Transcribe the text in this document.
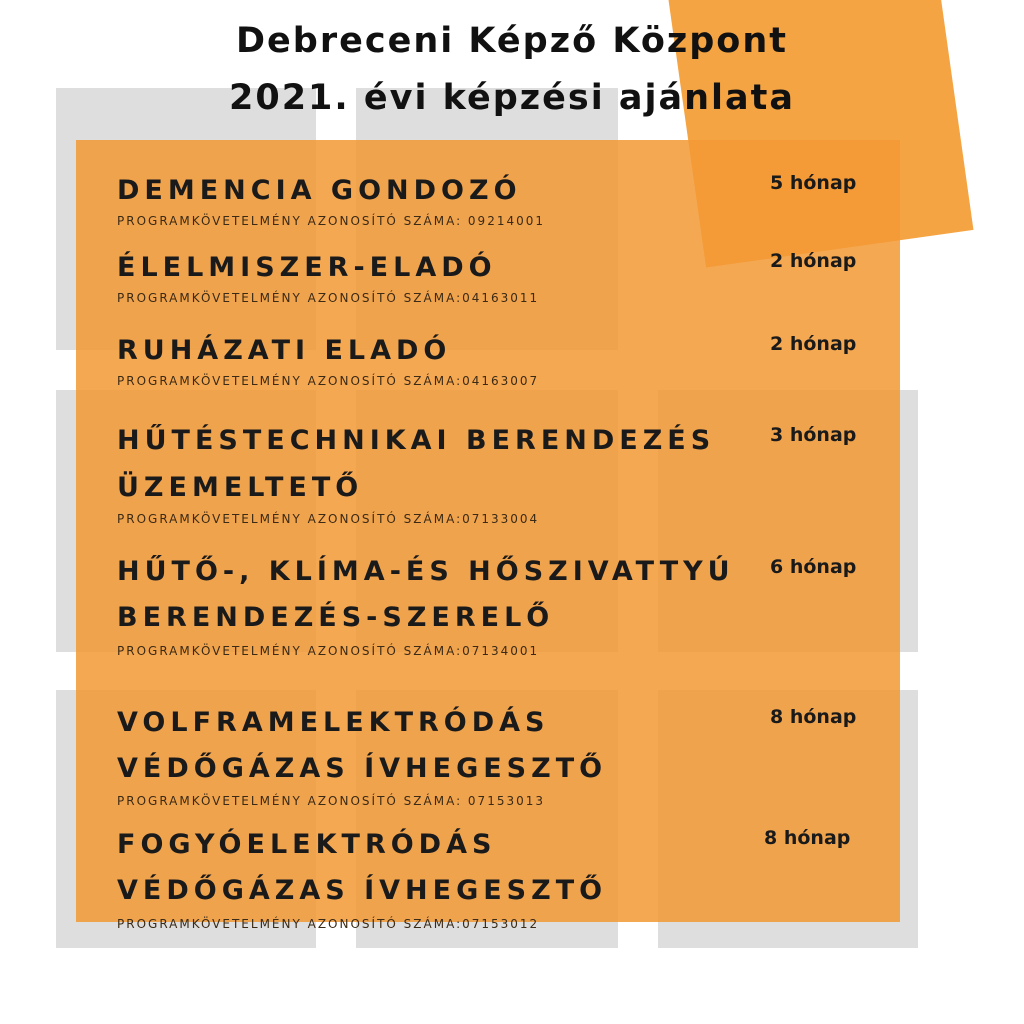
Debreceni Képző Központ
2021. évi képzési ajánlata
DEMENCIA GONDOZÓ
PROGRAMKÖVETELMÉNY AZONOSÍTÓ SZÁMA: 09214001
5 hónap
ÉLELMISZER-ELADÓ
PROGRAMKÖVETELMÉNY AZONOSÍTÓ SZÁMA:04163011
2 hónap
RUHÁZATI ELADÓ
PROGRAMKÖVETELMÉNY AZONOSÍTÓ SZÁMA:04163007
2 hónap
HŰTÉSTECHNIKAI BERENDEZÉS
ÜZEMELTETŐ
PROGRAMKÖVETELMÉNY AZONOSÍTÓ SZÁMA:07133004
3 hónap
HŰTŐ-, KLÍMA-ÉS HŐSZIVATTYÚ
BERENDEZÉS-SZERELŐ
PROGRAMKÖVETELMÉNY AZONOSÍTÓ SZÁMA:07134001
6 hónap
VOLFRAMELEKTRÓDÁS
VÉDŐGÁZAS ÍVHEGESZTŐ
PROGRAMKÖVETELMÉNY AZONOSÍTÓ SZÁMA: 07153013
8 hónap
FOGYÓELEKTRÓDÁS
VÉDŐGÁZAS ÍVHEGESZTŐ
PROGRAMKÖVETELMÉNY AZONOSÍTÓ SZÁMA:07153012
8 hónap
